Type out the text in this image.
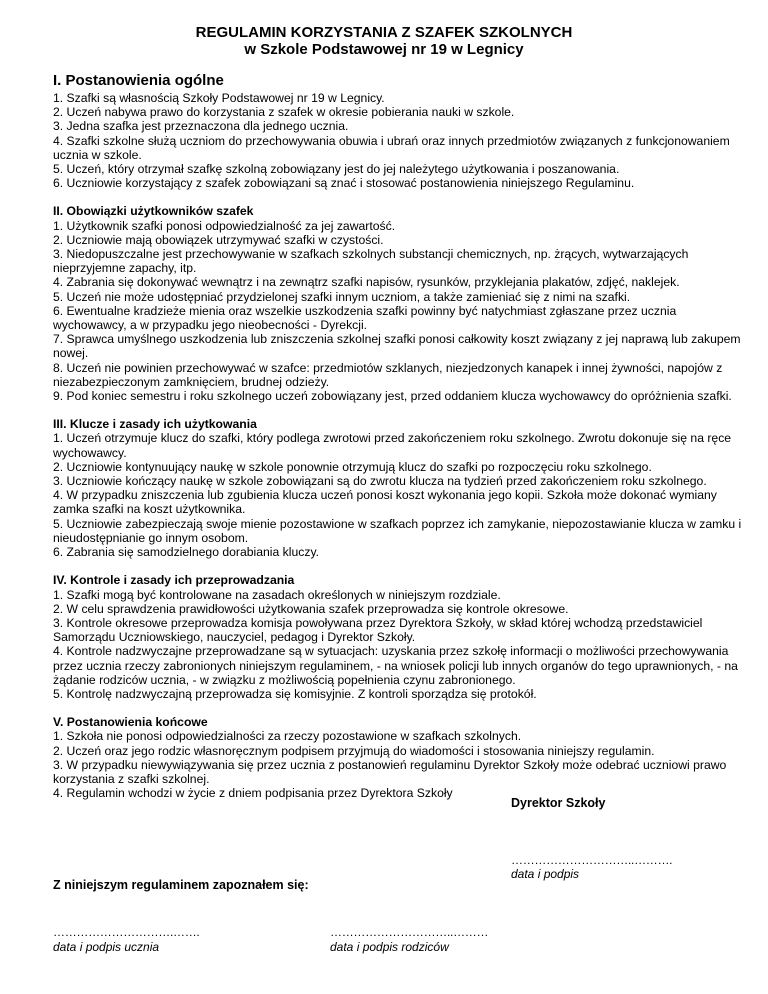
REGULAMIN KORZYSTANIA Z SZAFEK SZKOLNYCH
w Szkole Podstawowej nr 19 w Legnicy
I. Postanowienia ogólne
1. Szafki są własnością Szkoły Podstawowej nr 19 w Legnicy.
2. Uczeń nabywa prawo do korzystania z szafek w okresie pobierania nauki w szkole.
3. Jedna szafka jest przeznaczona dla jednego ucznia.
4. Szafki szkolne służą uczniom do przechowywania obuwia i ubrań oraz innych przedmiotów związanych z funkcjonowaniem ucznia w szkole.
5. Uczeń, który otrzymał szafkę szkolną zobowiązany jest do jej należytego użytkowania i poszanowania.
6. Uczniowie korzystający z szafek zobowiązani są znać i stosować postanowienia niniejszego Regulaminu.
II. Obowiązki użytkowników szafek
1. Użytkownik szafki ponosi odpowiedzialność za jej zawartość.
2. Uczniowie mają obowiązek utrzymywać szafki w czystości.
3. Niedopuszczalne jest przechowywanie w szafkach szkolnych substancji chemicznych, np. żrących, wytwarzających nieprzyjemne zapachy, itp.
4. Zabrania się dokonywać wewnątrz i na zewnątrz szafki napisów, rysunków, przyklejania plakatów, zdjęć, naklejek.
5. Uczeń nie może udostępniać przydzielonej szafki innym uczniom, a także zamieniać się z nimi na szafki.
6. Ewentualne kradzieże mienia oraz wszelkie uszkodzenia szafki powinny być natychmiast zgłaszane przez ucznia wychowawcy, a w przypadku jego nieobecności - Dyrekcji.
7. Sprawca umyślnego uszkodzenia lub zniszczenia szkolnej szafki ponosi całkowity koszt związany z jej naprawą lub zakupem nowej.
8. Uczeń nie powinien przechowywać w szafce: przedmiotów szklanych, niezjedzonych kanapek i innej żywności, napojów z niezabezpieczonym zamknięciem, brudnej odzieży.
9. Pod koniec semestru i roku szkolnego uczeń zobowiązany jest, przed oddaniem klucza wychowawcy do opróżnienia szafki.
III. Klucze i zasady ich użytkowania
1. Uczeń otrzymuje klucz do szafki, który podlega zwrotowi przed zakończeniem roku szkolnego. Zwrotu dokonuje się na ręce wychowawcy.
2. Uczniowie kontynuujący naukę w szkole ponownie otrzymują klucz do szafki po rozpoczęciu roku szkolnego.
3. Uczniowie kończący naukę w szkole zobowiązani są do zwrotu klucza na tydzień przed zakończeniem roku szkolnego.
4. W przypadku zniszczenia lub zgubienia klucza uczeń ponosi koszt wykonania jego kopii. Szkoła może dokonać wymiany zamka szafki na koszt użytkownika.
5. Uczniowie zabezpieczają swoje mienie pozostawione w szafkach poprzez ich zamykanie, niepozostawianie klucza w zamku i nieudostępnianie go innym osobom.
6. Zabrania się samodzielnego dorabiania kluczy.
IV. Kontrole i zasady ich przeprowadzania
1. Szafki mogą być kontrolowane na zasadach określonych w niniejszym rozdziale.
2. W celu sprawdzenia prawidłowości użytkowania szafek przeprowadza się kontrole okresowe.
3. Kontrole okresowe przeprowadza komisja powoływana przez Dyrektora Szkoły, w skład której wchodzą przedstawiciel Samorządu Uczniowskiego, nauczyciel, pedagog i Dyrektor Szkoły.
4. Kontrole nadzwyczajne przeprowadzane są w sytuacjach: uzyskania przez szkołę informacji o możliwości przechowywania przez ucznia rzeczy zabronionych niniejszym regulaminem, - na wniosek policji lub innych organów do tego uprawnionych, - na żądanie rodziców ucznia, - w związku z możliwością popełnienia czynu zabronionego.
5. Kontrolę nadzwyczajną przeprowadza się komisyjnie. Z kontroli sporządza się protokół.
V. Postanowienia końcowe
1. Szkoła nie ponosi odpowiedzialności za rzeczy pozostawione w szafkach szkolnych.
2. Uczeń oraz jego rodzic własnoręcznym podpisem przyjmują do wiadomości i stosowania niniejszy regulamin.
3. W przypadku niewywiązywania się przez ucznia z postanowień regulaminu Dyrektor Szkoły może odebrać uczniowi prawo korzystania z szafki szkolnej.
4. Regulamin wchodzi w życie z dniem podpisania przez Dyrektora Szkoły
Dyrektor Szkoły
…………………………..……….
data i podpis
Z niniejszym regulaminem zapoznałem się:
………………………….…….
data i podpis ucznia
…………………………..………
data i podpis rodziców
